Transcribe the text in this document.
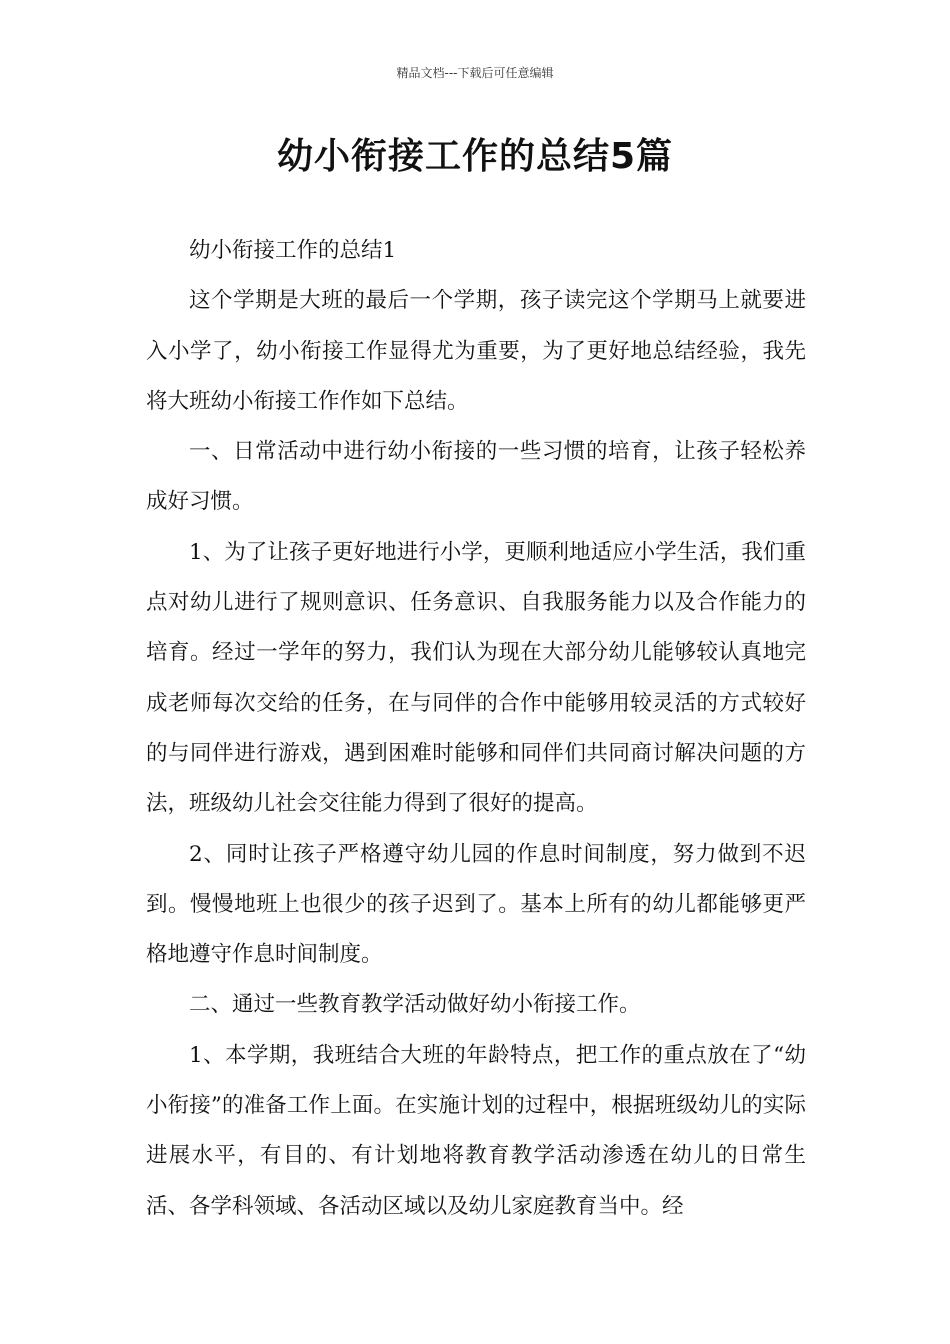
精品文档---下载后可任意编辑
幼小衔接工作的总结5篇

幼小衔接工作的总结1

这个学期是大班的最后一个学期，孩子读完这个学期马上就要进入小学了，幼小衔接工作显得尤为重要，为了更好地总结经验，我先将大班幼小衔接工作作如下总结。

一、日常活动中进行幼小衔接的一些习惯的培育，让孩子轻松养成好习惯。

1、为了让孩子更好地进行小学，更顺利地适应小学生活，我们重点对幼儿进行了规则意识、任务意识、自我服务能力以及合作能力的培育。经过一学年的努力，我们认为现在大部分幼儿能够较认真地完成老师每次交给的任务，在与同伴的合作中能够用较灵活的方式较好的与同伴进行游戏，遇到困难时能够和同伴们共同商讨解决问题的方法，班级幼儿社会交往能力得到了很好的提高。

2、同时让孩子严格遵守幼儿园的作息时间制度，努力做到不迟到。慢慢地班上也很少的孩子迟到了。基本上所有的幼儿都能够更严格地遵守作息时间制度。

二、通过一些教育教学活动做好幼小衔接工作。

1、本学期，我班结合大班的年龄特点，把工作的重点放在了“幼小衔接”的准备工作上面。在实施计划的过程中，根据班级幼儿的实际进展水平，有目的、有计划地将教育教学活动渗透在幼儿的日常生活、各学科领域、各活动区域以及幼儿家庭教育当中。经
